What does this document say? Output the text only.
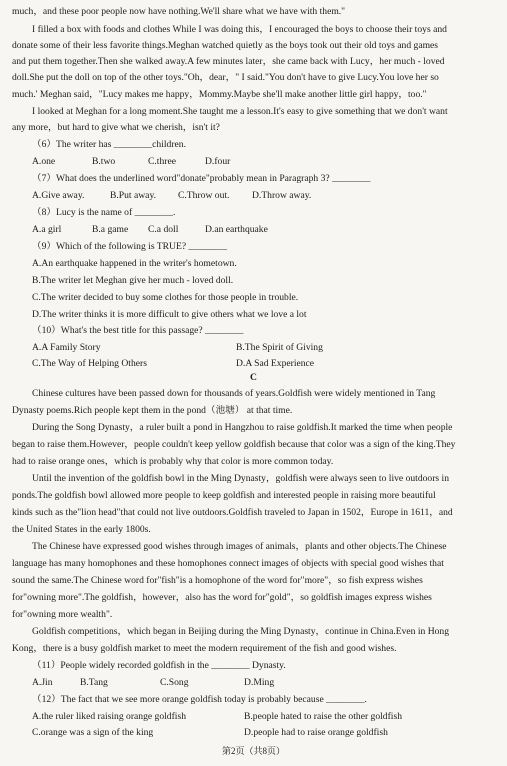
much，and these poor people now have nothing.We'll share what we have with them."
I filled a box with foods and clothes While I was doing this，I encouraged the boys to choose their toys and
donate some of their less favorite things.Meghan watched quietly as the boys took out their old toys and games
and put them together.Then she walked away.A few minutes later，she came back with Lucy，her much - loved
doll.She put the doll on top of the other toys."Oh，dear，" I said."You don't have to give Lucy.You love her so
much.' Meghan said，"Lucy makes me happy，Mommy.Maybe she'll make another little girl happy，too."
I looked at Meghan for a long moment.She taught me a lesson.It's easy to give something that we don't want
any more，but hard to give what we cherish，isn't it?
（6）The writer has ________children.
A.one	B.two	C.three	D.four
（7）What does the underlined word"donate"probably mean in Paragraph 3? ________
A.Give away.	B.Put away. C.Throw out. D.Throw away.
（8）Lucy is the name of ________.
A.a girl	B.a game C.a doll	D.an earthquake
（9）Which of the following is TRUE? ________
A.An earthquake happened in the writer's hometown.
B.The writer let Meghan give her much - loved doll.
C.The writer decided to buy some clothes for those people in trouble.
D.The writer thinks it is more difficult to give others what we love a lot
（10）What's the best title for this passage? ________
A.A Family Story	B.The Spirit of Giving
C.The Way of Helping Others	D.A Sad Experience
C
Chinese cultures have been passed down for thousands of years.Goldfish were widely mentioned in Tang
Dynasty poems.Rich people kept them in the pond（池塘） at that time.
During the Song Dynasty，a ruler built a pond in Hangzhou to raise goldfish.It marked the time when people
began to raise them.However，people couldn't keep yellow goldfish because that color was a sign of the king.They
had to raise orange ones，which is probably why that color is more common today.
Until the invention of the goldfish bowl in the Ming Dynasty，goldfish were always seen to live outdoors in
ponds.The goldfish bowl allowed more people to keep goldfish and interested people in raising more beautiful
kinds such as the"lion head"that could not live outdoors.Goldfish traveled to Japan in 1502，Europe in 1611，and
the United States in the early 1800s.
The Chinese have expressed good wishes through images of animals，plants and other objects.The Chinese
language has many homophones and these homophones connect images of objects with special good wishes that
sound the same.The Chinese word for"fish"is a homophone of the word for"more"，so fish express wishes
for"owning more".The goldfish，however，also has the word for"gold"，so goldfish images express wishes
for"owning more wealth".
Goldfish competitions，which began in Beijing during the Ming Dynasty，continue in China.Even in Hong
Kong，there is a busy goldfish market to meet the modern requirement of the fish and good wishes.
（11）People widely recorded goldfish in the ________ Dynasty.
A.Jin	B.Tang	C.Song	D.Ming
（12）The fact that we see more orange goldfish today is probably because ________.
A.the ruler liked raising orange goldfish	B.people hated to raise the other goldfish
C.orange was a sign of the king	D.people had to raise orange goldfish
第2页（共8页）
